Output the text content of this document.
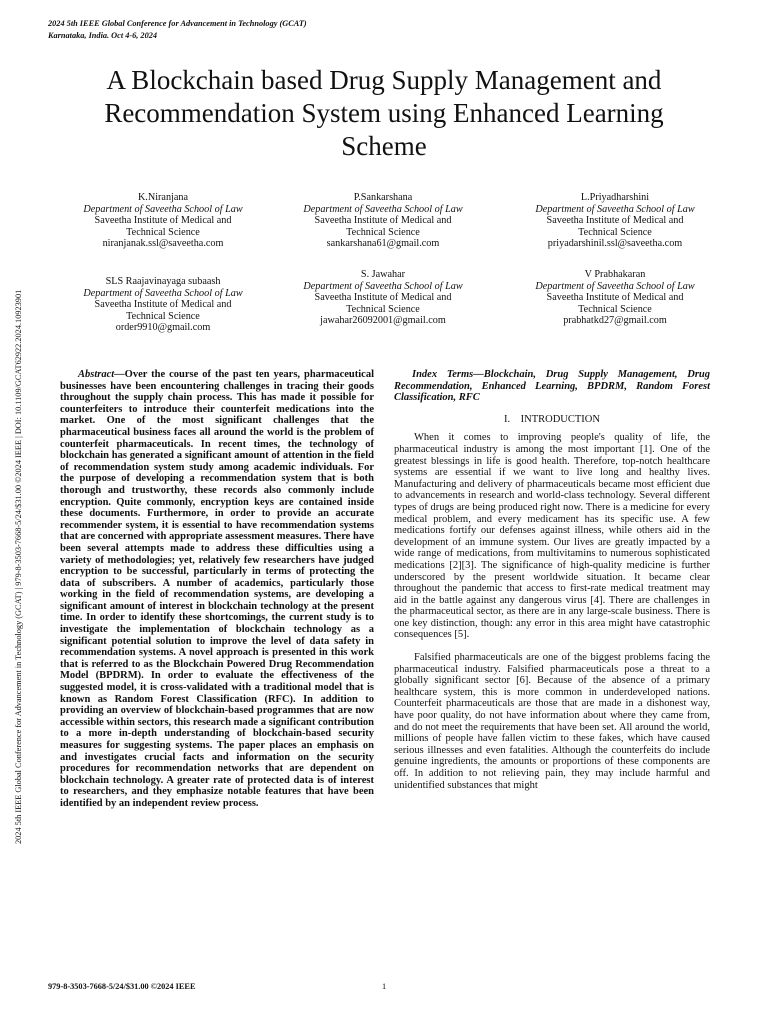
2024 5th IEEE Global Conference for Advancement in Technology (GCAT)
Karnataka, India. Oct 4-6, 2024
A Blockchain based Drug Supply Management and
Recommendation System using Enhanced Learning
Scheme
2024 5th IEEE Global Conference for Advancement in Technology (GCAT) | 979-8-3503-7668-5/24/$31.00 ©2024 IEEE | DOI: 10.1109/GCAT62922.2024.10923901
K.Niranjana
Department of Saveetha School of Law
Saveetha Institute of Medical and
Technical Science
niranjanak.ssl@saveetha.com
P.Sankarshana
Department of Saveetha School of Law
Saveetha Institute of Medical and
Technical Science
sankarshana61@gmail.com
L.Priyadharshini
Department of Saveetha School of Law
Saveetha Institute of Medical and
Technical Science
priyadarshinil.ssl@saveetha.com
SLS Raajavinayaga subaash
Department of Saveetha School of Law
Saveetha Institute of Medical and
Technical Science
order9910@gmail.com
S. Jawahar
Department of Saveetha School of Law
Saveetha Institute of Medical and
Technical Science
jawahar26092001@gmail.com
V Prabhakaran
Department of Saveetha School of Law
Saveetha Institute of Medical and
Technical Science
prabhatkd27@gmail.com

Abstract—Over the course of the past ten years, pharmaceutical businesses have been encountering challenges in tracing their goods throughout the supply chain process. This has made it possible for counterfeiters to introduce their counterfeit medications into the market. One of the most significant challenges that the pharmaceutical business faces all around the world is the problem of counterfeit pharmaceuticals. In recent times, the technology of blockchain has generated a significant amount of attention in the field of recommendation system study among academic individuals. For the purpose of developing a recommendation system that is both thorough and trustworthy, these records also commonly include encryption. Quite commonly, encryption keys are contained inside these documents. Furthermore, in order to provide an accurate recommender system, it is essential to have recommendation systems that are concerned with appropriate assessment measures. There have been several attempts made to address these difficulties using a variety of methodologies; yet, relatively few researchers have judged encryption to be successful, particularly in terms of protecting the data of subscribers. A number of academics, particularly those working in the field of recommendation systems, are developing a significant amount of interest in blockchain technology at the present time. In order to identify these shortcomings, the current study is to investigate the implementation of blockchain technology as a significant potential solution to improve the level of data safety in recommendation systems. A novel approach is presented in this work that is referred to as the Blockchain Powered Drug Recommendation Model (BPDRM). In order to evaluate the effectiveness of the suggested model, it is cross-validated with a traditional model that is known as Random Forest Classification (RFC). In addition to providing an overview of blockchain-based programmes that are now accessible within sectors, this research made a significant contribution to a more in-depth understanding of blockchain-based security measures for suggesting systems. The paper places an emphasis on and investigates crucial facts and information on the security procedures for recommendation networks that are dependent on blockchain technology. A greater rate of protected data is of interest to researchers, and they emphasize notable features that have been identified by an independent review process.

Index Terms—Blockchain, Drug Supply Management, Drug Recommendation, Enhanced Learning, BPDRM, Random Forest Classification, RFC

I. INTRODUCTION

When it comes to improving people's quality of life, the pharmaceutical industry is among the most important [1]. One of the greatest blessings in life is good health. Therefore, top-notch healthcare systems are essential if we want to live long and healthy lives. Manufacturing and delivery of pharmaceuticals became most efficient due to advancements in research and world-class technology. Several different types of drugs are being produced right now. There is a medicine for every medical problem, and every medicament has its specific use. A few medications fortify our defenses against illness, while others aid in the development of an immune system. Our lives are greatly impacted by a wide range of medications, from multivitamins to numerous sophisticated medications [2][3]. The significance of high-quality medicine is further underscored by the present worldwide situation. It became clear throughout the pandemic that access to first-rate medical treatment may aid in the battle against any dangerous virus [4]. There are challenges in the pharmaceutical sector, as there are in any large-scale business. There is one key distinction, though: any error in this area might have catastrophic consequences [5].

Falsified pharmaceuticals are one of the biggest problems facing the pharmaceutical industry. Falsified pharmaceuticals pose a threat to a globally significant sector [6]. Because of the absence of a primary healthcare system, this is more common in underdeveloped nations. Counterfeit pharmaceuticals are those that are made in a dishonest way, have poor quality, do not have information about where they came from, and do not meet the requirements that have been set. All around the world, millions of people have fallen victim to these fakes, which have caused serious illnesses and even fatalities. Although the counterfeits do include genuine ingredients, the amounts or proportions of these components are off. In addition to not relieving pain, they may include harmful and unidentified substances that might

979-8-3503-7668-5/24/$31.00 ©2024 IEEE	1
